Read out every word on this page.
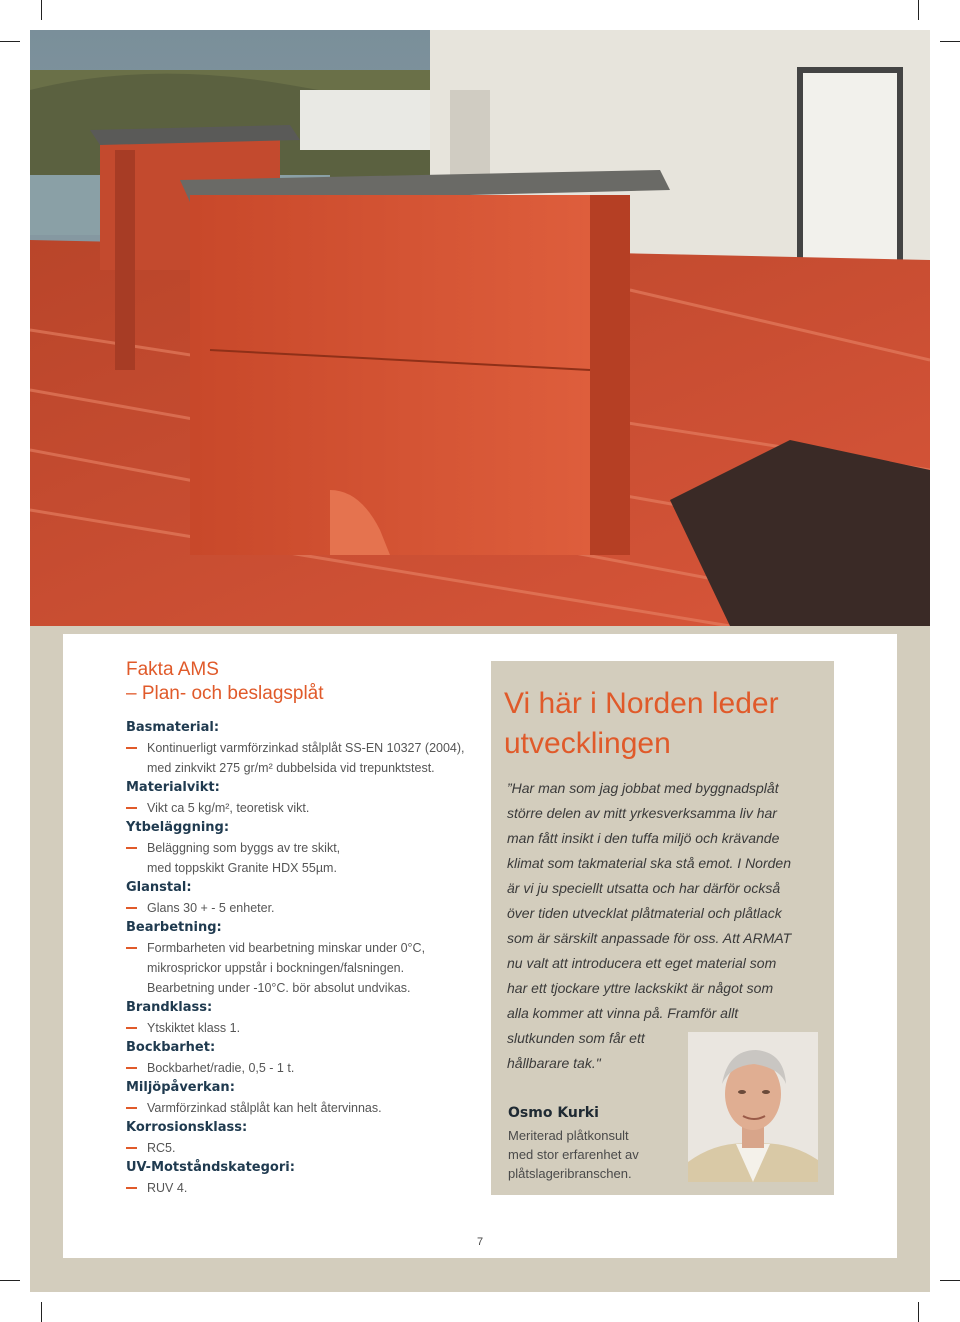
Fakta AMS
– Plan- och beslagsplåt
Basmaterial:
Kontinuerligt varmförzinkad stålplåt SS-EN 10327 (2004),
med zinkvikt 275 gr/m² dubbelsida vid trepunktstest.
Materialvikt:
Vikt ca 5 kg/m², teoretisk vikt.
Ytbeläggning:
Beläggning som byggs av tre skikt,
med toppskikt Granite HDX 55µm.
Glanstal:
Glans 30 + - 5 enheter.
Bearbetning:
Formbarheten vid bearbetning minskar under 0°C,
mikrosprickor uppstår i bockningen/falsningen.
Bearbetning under -10°C. bör absolut undvikas.
Brandklass:
Ytskiktet klass 1.
Bockbarhet:
Bockbarhet/radie, 0,5 - 1 t.
Miljöpåverkan:
Varmförzinkad stålplåt kan helt återvinnas.
Korrosionsklass:
RC5.
UV-Motståndskategori:
RUV 4.
Vi här i Norden leder
utvecklingen
”Har man som jag jobbat med byggnadsplåt
större delen av mitt yrkesverksamma liv har
man fått insikt i den tuffa miljö och krävande
klimat som takmaterial ska stå emot. I Norden
är vi ju speciellt utsatta och har därför också
över tiden utvecklat plåtmaterial och plåtlack
som är särskilt anpassade för oss. Att ARMAT
nu valt att introducera ett eget material som
har ett tjockare yttre lackskikt är något som
alla kommer att vinna på. Framför allt
slutkunden som får ett
hållbarare tak."
Osmo Kurki
Meriterad plåtkonsult
med stor erfarenhet av
plåtslageribranschen.
7
